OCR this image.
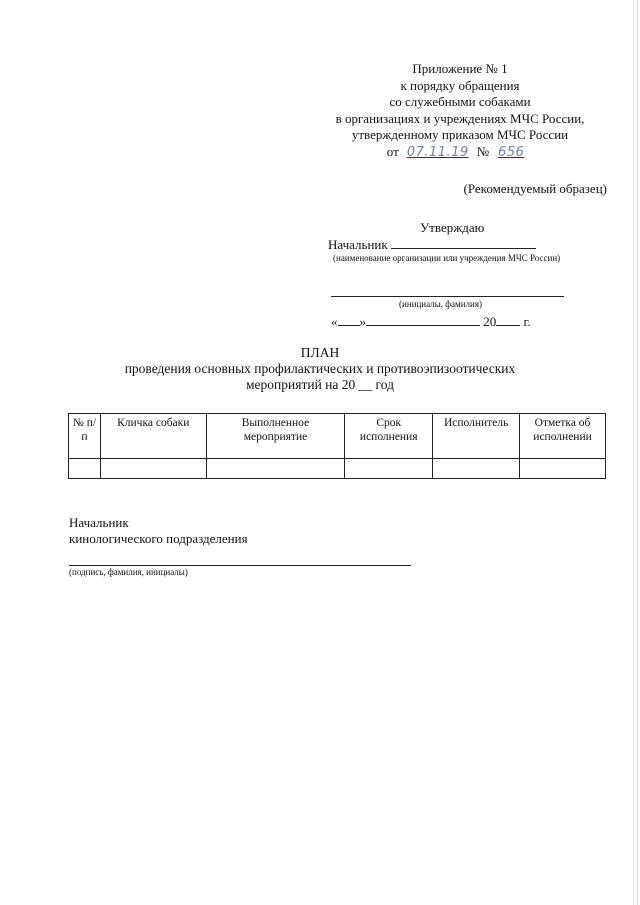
Приложение № 1
к порядку обращения
со служебными собаками
в организациях и учреждениях МЧС России,
утвержденному приказом МЧС России
от 07.11.19 № 656
(Рекомендуемый образец)
Утверждаю
Начальник
(наименование организации или учреждения МЧС России)
(инициалы, фамилия)
« »	20 г.
ПЛАН
проведения основных профилактических и противоэпизоотических
мероприятий на 20 __ год
№ п/п	Кличка собаки	Выполненное мероприятие	Срок исполнения	Исполнитель	Отметка об исполнении

Начальник
кинологического подразделения
(подпись, фамилия, инициалы)
